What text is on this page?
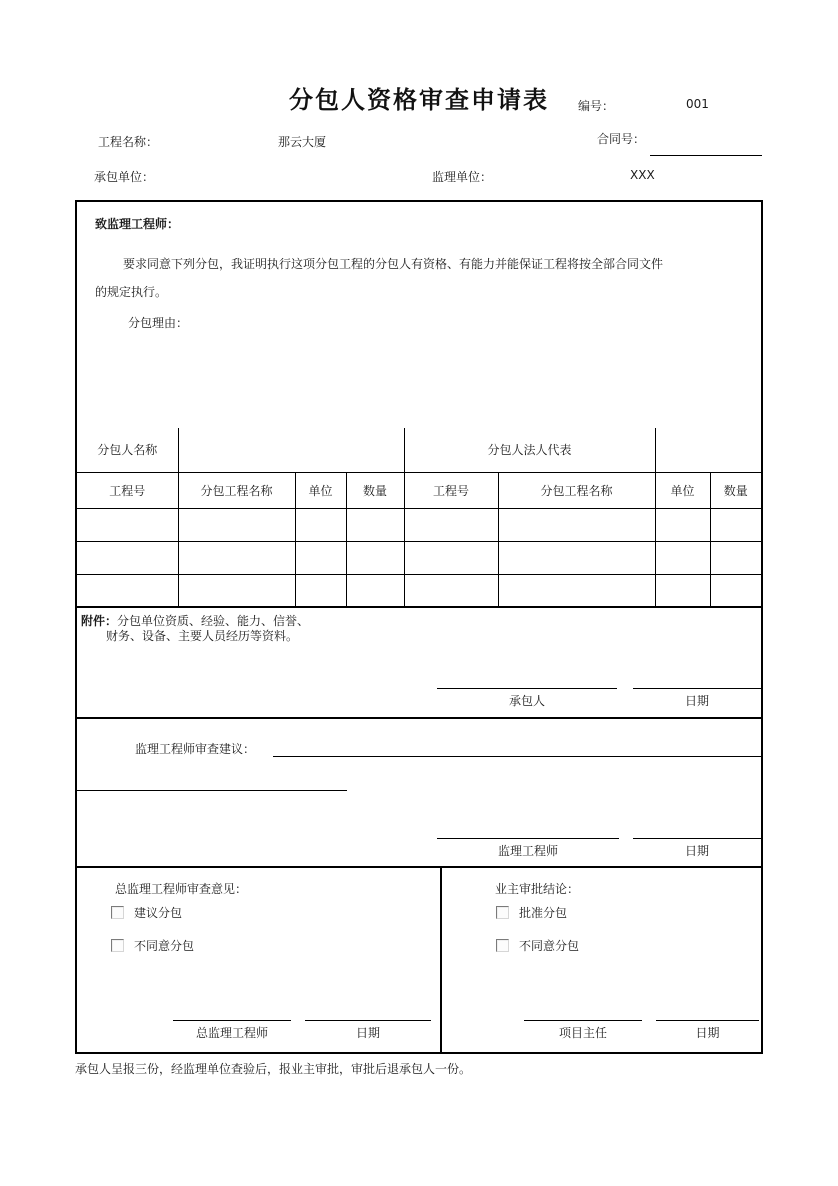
分包人资格审查申请表	编号：	001
工程名称：	那云大厦	合同号：
承包单位：	监理单位：	XXX
致监理工程师：
要求同意下列分包，我证明执行这项分包工程的分包人有资格、有能力并能保证工程将按全部合同文件
的规定执行。
分包理由：
分包人名称				分包人法人代表			
工程号	分包工程名称	单位	数量	工程号	分包工程名称	单位	数量

附件：分包单位资质、经验、能力、信誉、
财务、设备、主要人员经历等资料。
承包人	日期
监理工程师审查建议：
监理工程师	日期
总监理工程师审查意见：
建议分包
不同意分包
总监理工程师	日期
业主审批结论：
批准分包
不同意分包
项目主任	日期
承包人呈报三份，经监理单位查验后，报业主审批，审批后退承包人一份。
